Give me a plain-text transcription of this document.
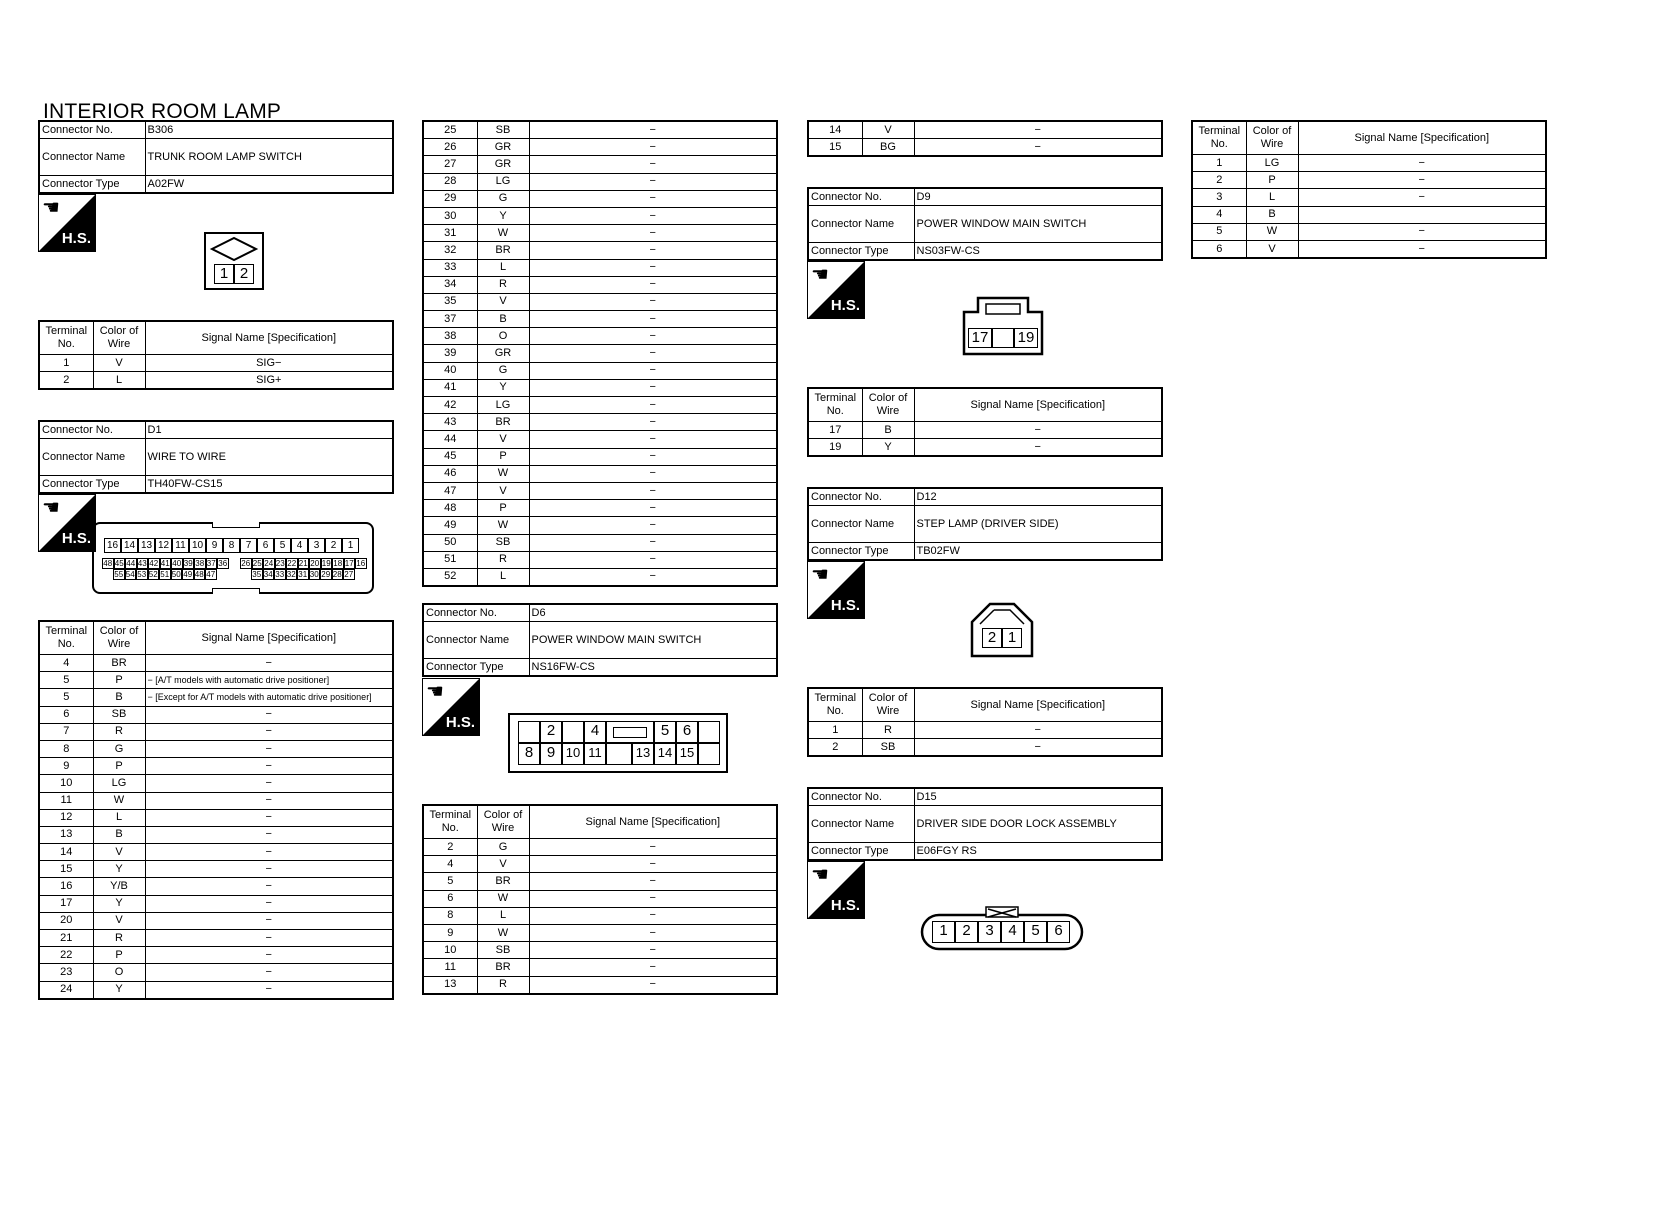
INTERIOR ROOM LAMP
Connector No.	B306
Connector Name	TRUNK ROOM LAMP SWITCH
Connector Type	A02FW
☚
H.S.
1 2
Terminal No.	Color of Wire	Signal Name [Specification]
1	V	SIG−
2	L	SIG+
Connector No.	D1
Connector Name	WIRE TO WIRE
Connector Type	TH40FW-CS15
☚
H.S. 16 14 13 12 11 10 9	8	7	6	5	4	3	2	1
48 45 44 43 42 41 40 39 38 37 36 26 25 24 23 22 21 20 19 18 17 16
55 54 53 52 51 50 49 48 47	35 34 33 32 31 30 29 28 27
Terminal No.	Color of Wire	Signal Name [Specification]
4	BR	−
5	P	− [A/T models with automatic drive positioner]
5	B	− [Except for A/T models with automatic drive positioner]
6	SB	−
7	R	−
8	G	−
9	P	−
10	LG	−
11	W	−
12	L	−
13	B	−
14	V	−
15	Y	−
16	Y/B	−
17	Y	−
20	V	−
21	R	−
22	P	−
23	O	−
24	Y	−
25	SB	−
26	GR	−
27	GR	−
28	LG	−
29	G	−
30	Y	−
31	W	−
32	BR	−
33	L	−
34	R	−
35	V	−
37	B	−
38	O	−
39	GR	−
40	G	−
41	Y	−
42	LG	−
43	BR	−
44	V	−
45	P	−
46	W	−
47	V	−
48	P	−
49	W	−
50	SB	−
51	R	−
52	L	−
Connector No.	D6
Connector Name	POWER WINDOW MAIN SWITCH
Connector Type	NS16FW-CS
☚
H.S.	2	4	5 6
8 9 10 11	13 14 15
Terminal No.	Color of Wire	Signal Name [Specification]
2	G	−
4	V	−
5	BR	−
6	W	−
8	L	−
9	W	−
10	SB	−
11	BR	−
13	R	−
14	V	−
15	BG	−
Connector No.	D9
Connector Name	POWER WINDOW MAIN SWITCH
Connector Type	NS03FW-CS
☚
H.S.
17 19
Terminal No.	Color of Wire	Signal Name [Specification]
17	B	−
19	Y	−
Connector No.	D12
Connector Name	STEP LAMP (DRIVER SIDE)
Connector Type	TB02FW
☚
H.S.
2 1
Terminal No.	Color of Wire	Signal Name [Specification]
1	R	−
2	SB	−
Connector No.	D15
Connector Name	DRIVER SIDE DOOR LOCK ASSEMBLY
Connector Type	E06FGY RS
☚
H.S.
1 2 3 4 5 6
Terminal No.	Color of Wire	Signal Name [Specification]
1	LG	−
2	P	−
3	L	−
4	B	
5	W	−
6	V	−
